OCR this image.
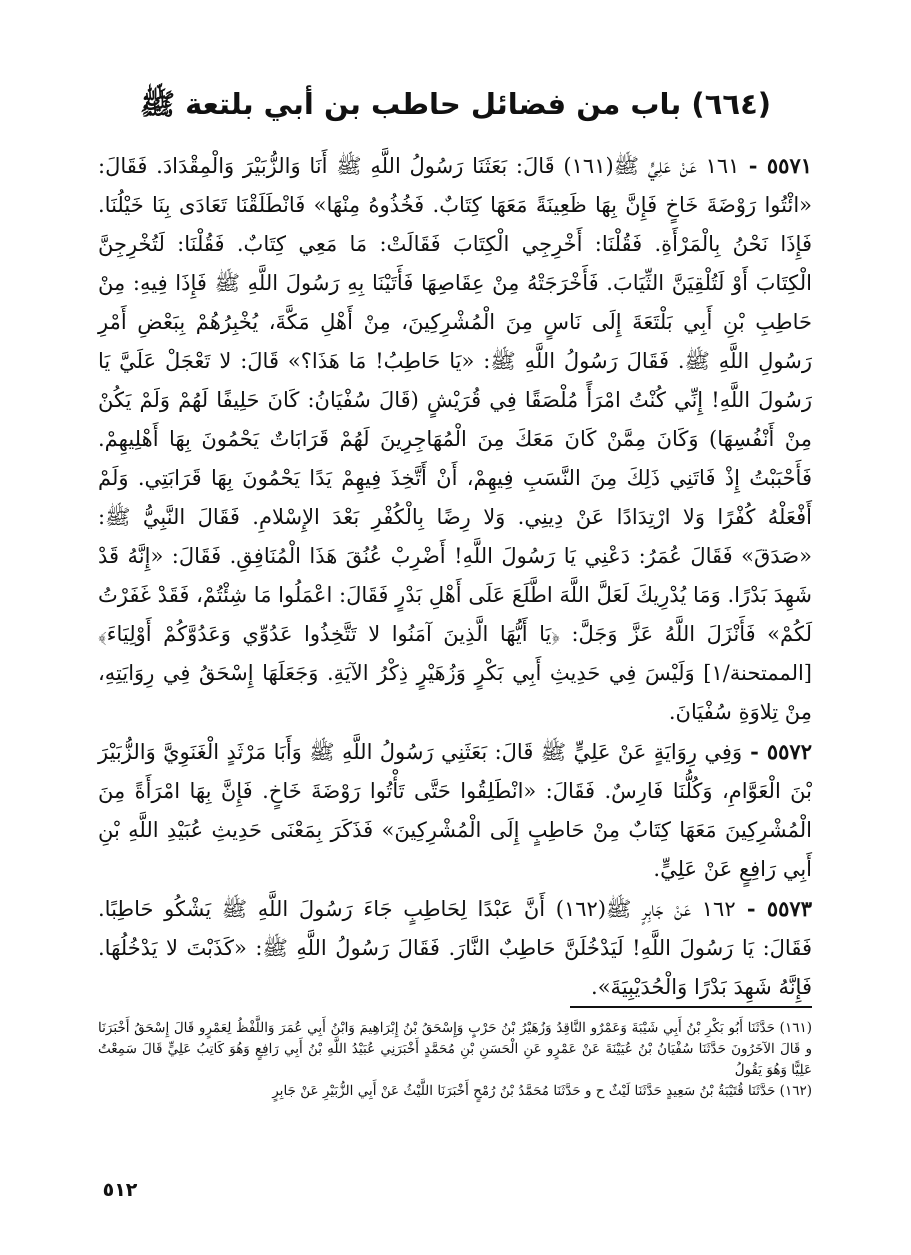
(٦٦٤) باب من فضائل حاطب بن أبي بلتعة ﷺ

٥٥٧١ - ١٦١ عَنْ عَلِيٍّ ﷺ(١٦١) قَالَ: بَعَثَنَا رَسُولُ اللَّهِ ﷺ أَنَا وَالزُّبَيْرَ وَالْمِقْدَادَ. فَقَالَ: «ائْتُوا رَوْضَةَ خَاخٍ فَإِنَّ بِهَا ظَعِينَةً مَعَهَا كِتَابٌ. فَخُذُوهُ مِنْهَا» فَانْطَلَقْنَا تَعَادَى بِنَا خَيْلُنَا. فَإِذَا نَحْنُ بِالْمَرْأَةِ. فَقُلْنَا: أَخْرِجِي الْكِتَابَ فَقَالَتْ: مَا مَعِي كِتَابٌ. فَقُلْنَا: لَتُخْرِجِنَّ الْكِتَابَ أَوْ لَتُلْقِيَنَّ الثِّيَابَ. فَأَخْرَجَتْهُ مِنْ عِقَاصِهَا فَأَتَيْنَا بِهِ رَسُولَ اللَّهِ ﷺ فَإِذَا فِيهِ: مِنْ حَاطِبِ بْنِ أَبِي بَلْتَعَةَ إِلَى نَاسٍ مِنَ الْمُشْرِكِينَ، مِنْ أَهْلِ مَكَّةَ، يُخْبِرُهُمْ بِبَعْضِ أَمْرِ رَسُولِ اللَّهِ ﷺ. فَقَالَ رَسُولُ اللَّهِ ﷺ: «يَا حَاطِبُ! مَا هَذَا؟» قَالَ: لا تَعْجَلْ عَلَيَّ يَا رَسُولَ اللَّهِ! إِنِّي كُنْتُ امْرَأً مُلْصَقًا فِي قُرَيْشٍ (قَالَ سُفْيَانُ: كَانَ حَلِيفًا لَهُمْ وَلَمْ يَكُنْ مِنْ أَنْفُسِهَا) وَكَانَ مِمَّنْ كَانَ مَعَكَ مِنَ الْمُهَاجِرِينَ لَهُمْ قَرَابَاتٌ يَحْمُونَ بِهَا أَهْلِيهِمْ. فَأَحْبَبْتُ إِذْ فَاتَنِي ذَلِكَ مِنَ النَّسَبِ فِيهِمْ، أَنْ أَتَّخِذَ فِيهِمْ يَدًا يَحْمُونَ بِهَا قَرَابَتِي. وَلَمْ أَفْعَلْهُ كُفْرًا وَلا ارْتِدَادًا عَنْ دِينِي. وَلا رِضًا بِالْكُفْرِ بَعْدَ الإِسْلامِ. فَقَالَ النَّبِيُّ ﷺ: «صَدَقَ» فَقَالَ عُمَرُ: دَعْنِي يَا رَسُولَ اللَّهِ! أَضْرِبْ عُنُقَ هَذَا الْمُنَافِقِ. فَقَالَ: «إِنَّهُ قَدْ شَهِدَ بَدْرًا. وَمَا يُدْرِيكَ لَعَلَّ اللَّهَ اطَّلَعَ عَلَى أَهْلِ بَدْرٍ فَقَالَ: اعْمَلُوا مَا شِئْتُمْ، فَقَدْ غَفَرْتُ لَكُمْ» فَأَنْزَلَ اللَّهُ عَزَّ وَجَلَّ: ﴿يَا أَيُّهَا الَّذِينَ آمَنُوا لا تَتَّخِذُوا عَدُوِّي وَعَدُوَّكُمْ أَوْلِيَاءَ﴾ [الممتحنة/١] وَلَيْسَ فِي حَدِيثِ أَبِي بَكْرٍ وَزُهَيْرٍ ذِكْرُ الآيَةِ. وَجَعَلَهَا إِسْحَقُ فِي رِوَايَتِهِ، مِنْ تِلاوَةِ سُفْيَانَ.

٥٥٧٢ - وَفِي رِوَايَةٍ عَنْ عَلِيٍّ ﷺ قَالَ: بَعَثَنِي رَسُولُ اللَّهِ ﷺ وَأَبَا مَرْثَدٍ الْغَنَوِيَّ وَالزُّبَيْرَ بْنَ الْعَوَّامِ، وَكُلُّنَا فَارِسٌ. فَقَالَ: «انْطَلِقُوا حَتَّى تَأْتُوا رَوْضَةَ خَاخٍ. فَإِنَّ بِهَا امْرَأَةً مِنَ الْمُشْرِكِينَ مَعَهَا كِتَابٌ مِنْ حَاطِبٍ إِلَى الْمُشْرِكِينَ» فَذَكَرَ بِمَعْنَى حَدِيثِ عُبَيْدِ اللَّهِ بْنِ أَبِي رَافِعٍ عَنْ عَلِيٍّ.

٥٥٧٣ - ١٦٢ عَنْ جَابِرٍ ﷺ(١٦٢) أَنَّ عَبْدًا لِحَاطِبٍ جَاءَ رَسُولَ اللَّهِ ﷺ يَشْكُو حَاطِبًا. فَقَالَ: يَا رَسُولَ اللَّهِ! لَيَدْخُلَنَّ حَاطِبٌ النَّارَ. فَقَالَ رَسُولُ اللَّهِ ﷺ: «كَذَبْتَ لا يَدْخُلُهَا. فَإِنَّهُ شَهِدَ بَدْرًا وَالْحُدَيْبِيَةَ».

(١٦١) حَدَّثَنَا أَبُو بَكْرِ بْنُ أَبِي شَيْبَةَ وَعَمْرٌو النَّاقِدُ وَزُهَيْرُ بْنُ حَرْبٍ وَإِسْحَقُ بْنُ إِبْرَاهِيمَ وَابْنُ أَبِي عُمَرَ وَاللَّفْظُ لِعَمْرٍو قَالَ إِسْحَقُ أَخْبَرَنَا و قَالَ الآخَرُونَ حَدَّثَنَا سُفْيَانُ بْنُ عُيَيْنَةَ عَنْ عَمْرٍو عَنِ الْحَسَنِ بْنِ مُحَمَّدٍ أَخْبَرَنِي عُبَيْدُ اللَّهِ بْنُ أَبِي رَافِعٍ وَهُوَ كَاتِبُ عَلِيٍّ قَالَ سَمِعْتُ عَلِيًّا وَهُوَ يَقُولُ

(١٦٢) حَدَّثَنَا قُتَيْبَةُ بْنُ سَعِيدٍ حَدَّثَنَا لَيْثٌ ح و حَدَّثَنَا مُحَمَّدُ بْنُ رُمْحٍ أَخْبَرَنَا اللَّيْثُ عَنْ أَبِي الزُّبَيْرِ عَنْ جَابِرٍ

٥١٢
